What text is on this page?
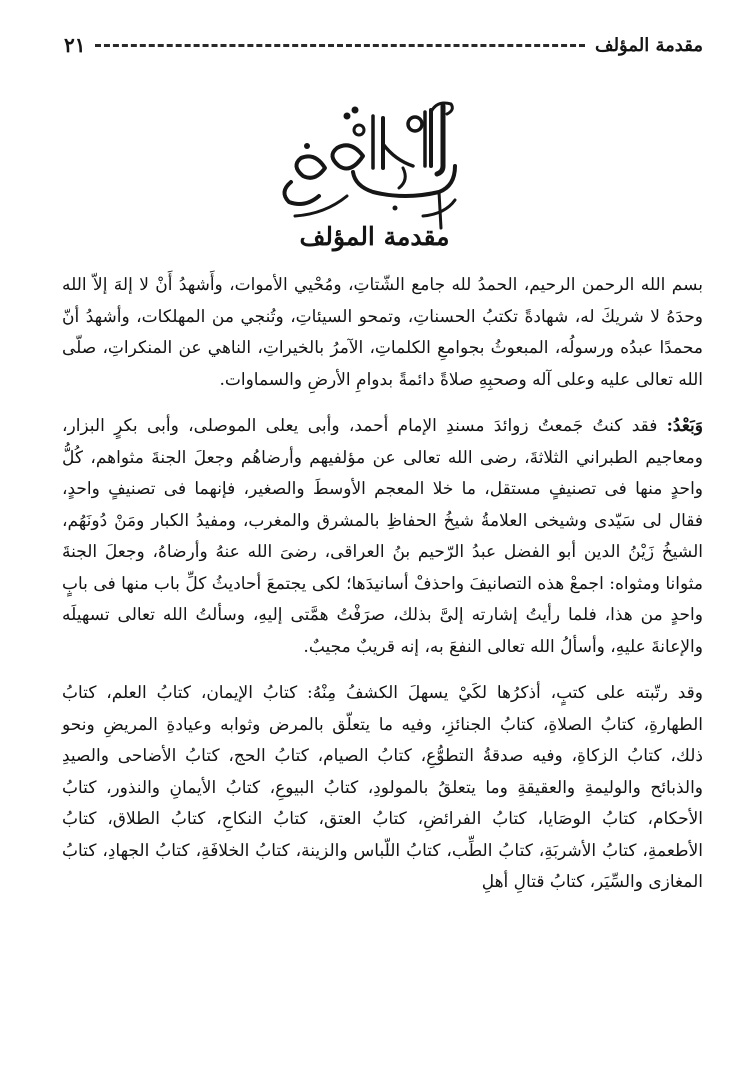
٢١	مقدمة المؤلف
مقدمة المؤلف

بسم الله الرحمن الرحيم، الحمدُ لله جامع الشّتاتِ، ومُحْيي الأموات، وأَشهدُ أَنْ لا إلهَ إلاّ الله وحدَهُ لا شريكَ له، شهادةً تكتبُ الحسناتِ، وتمحو السيئاتِ، وتُنجي من المهلكات، وأشهدُ أنّ محمدًا عبدُه ورسولُه، المبعوثُ بجوامعِ الكلماتِ، الآمرُ بالخيراتِ، الناهي عن المنكراتِ، صلّى الله تعالى عليه وعلى آله وصحبِهِ صلاةً دائمةً بدوامِ الأرضِ والسماوات.

وَبَعْدُ: فقد كنتُ جَمعتُ زوائدَ مسندِ الإمام أحمد، وأبى يعلى الموصلى، وأبى بكرٍ البزار، ومعاجيم الطبراني الثلاثةَ، رضى الله تعالى عن مؤلفيهم وأرضاهُم وجعلَ الجنةَ مثواهم، كُلُّ واحدٍ منها فى تصنيفٍ مستقل، ما خلا المعجم الأوسطَ والصغير، فإنهما فى تصنيفٍ واحدٍ، فقال لى سَيّدى وشيخى العلامةُ شيخُ الحفاظِ بالمشرق والمغرب، ومفيدُ الكبار ومَنْ دُونَهُم، الشيخُ زَيْنُ الدين أبو الفضل عبدُ الرّحيم بنُ العراقى، رضىَ الله عنهُ وأرضاهُ، وجعلَ الجنةَ مثوانا ومثواه: اجمعْ هذه التصانيفَ واحذفْ أسانيدَها؛ لكى يجتمعَ أحاديثُ كلِّ باب منها فى بابٍ واحدٍ من هذا، فلما رأيتُ إشارته إلىَّ بذلك، صرَفْتُ همَّتى إليهِ، وسألتُ الله تعالى تسهيلَه والإعانةَ عليهِ، وأسألُ الله تعالى النفعَ به، إنه قريبٌ مجيبٌ.

وقد رتّبته على كتبٍ، أذكرُها لكَيْ يسهلَ الكشفُ مِنْهُ: كتابُ الإيمان، كتابُ العلم، كتابُ الطهارةِ، كتابُ الصلاةِ، كتابُ الجنائزِ، وفيه ما يتعلّق بالمرض وثوابه وعيادةِ المريضِ ونحو ذلك، كتابُ الزكاةِ، وفيه صدقةُ التطوُّعِ، كتابُ الصيام، كتابُ الحج، كتابُ الأضاحى والصيدِ والذبائح والوليمةِ والعقيقةِ وما يتعلقُ بالمولودِ، كتابُ البيوعِ، كتابُ الأيمانِ والنذور، كتابُ الأحكام، كتابُ الوصَايا، كتابُ الفرائضِ، كتابُ العتق، كتابُ النكاحِ، كتابُ الطلاق، كتابُ الأطعمةِ، كتابُ الأشربَةِ، كتابُ الطِّب، كتابُ اللّباس والزينة، كتابُ الخلافَةِ، كتابُ الجهادِ، كتابُ المغازى والسِّيَر، كتابُ قتالِ أهلِ
